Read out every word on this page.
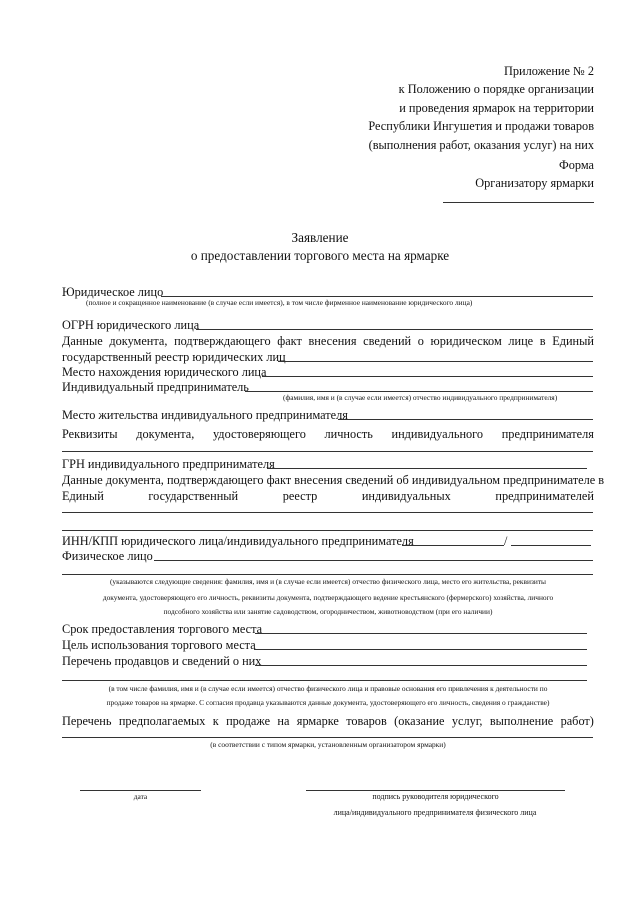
Приложение № 2
к Положению о порядке организации
и проведения ярмарок на территории
Республики Ингушетия и продажи товаров
(выполнения работ, оказания услуг) на них
Форма
Организатору ярмарки
Заявление
о предоставлении торгового места на ярмарке
Юридическое лицо
(полное и сокращенное наименование (в случае если имеется), в том числе фирменное наименование юридического лица)
ОГРН юридического лица
Данные документа, подтверждающего факт внесения сведений о юридическом лице в Единый
государственный реестр юридических лиц
Место нахождения юридического лица
Индивидуальный предприниматель
(фамилия, имя и (в случае если имеется) отчество индивидуального предпринимателя)
Место жительства индивидуального предпринимателя
Реквизиты документа, удостоверяющего личность индивидуального предпринимателя
ГРН индивидуального предпринимателя
Данные документа, подтверждающего факт внесения сведений об индивидуальном предпринимателе в
Единый	государственный	реестр	индивидуальных	предпринимателей
ИНН/КПП юридического лица/индивидуального предпринимателя	/
Физическое лицо
(указываются следующие сведения: фамилия, имя и (в случае если имеется) отчество физического лица, место его жительства, реквизиты
документа, удостоверяющего его личность, реквизиты документа, подтверждающего ведение крестьянского (фермерского) хозяйства, личного
подсобного хозяйства или занятие садоводством, огородничеством, животноводством (при его наличии)
Срок предоставления торгового места
Цель использования торгового места
Перечень продавцов и сведений о них
(в том числе фамилия, имя и (в случае если имеется) отчество физического лица и правовые основания его привлечения к деятельности по
продаже товаров на ярмарке. С согласия продавца указываются данные документа, удостоверяющего его личность, сведения о гражданстве)
Перечень предполагаемых к продаже на ярмарке товаров (оказание услуг, выполнение работ)
(в соответствии с типом ярмарки, установленным организатором ярмарки)
дата	подпись руководителя юридического
лица/индивидуального предпринимателя физического лица
